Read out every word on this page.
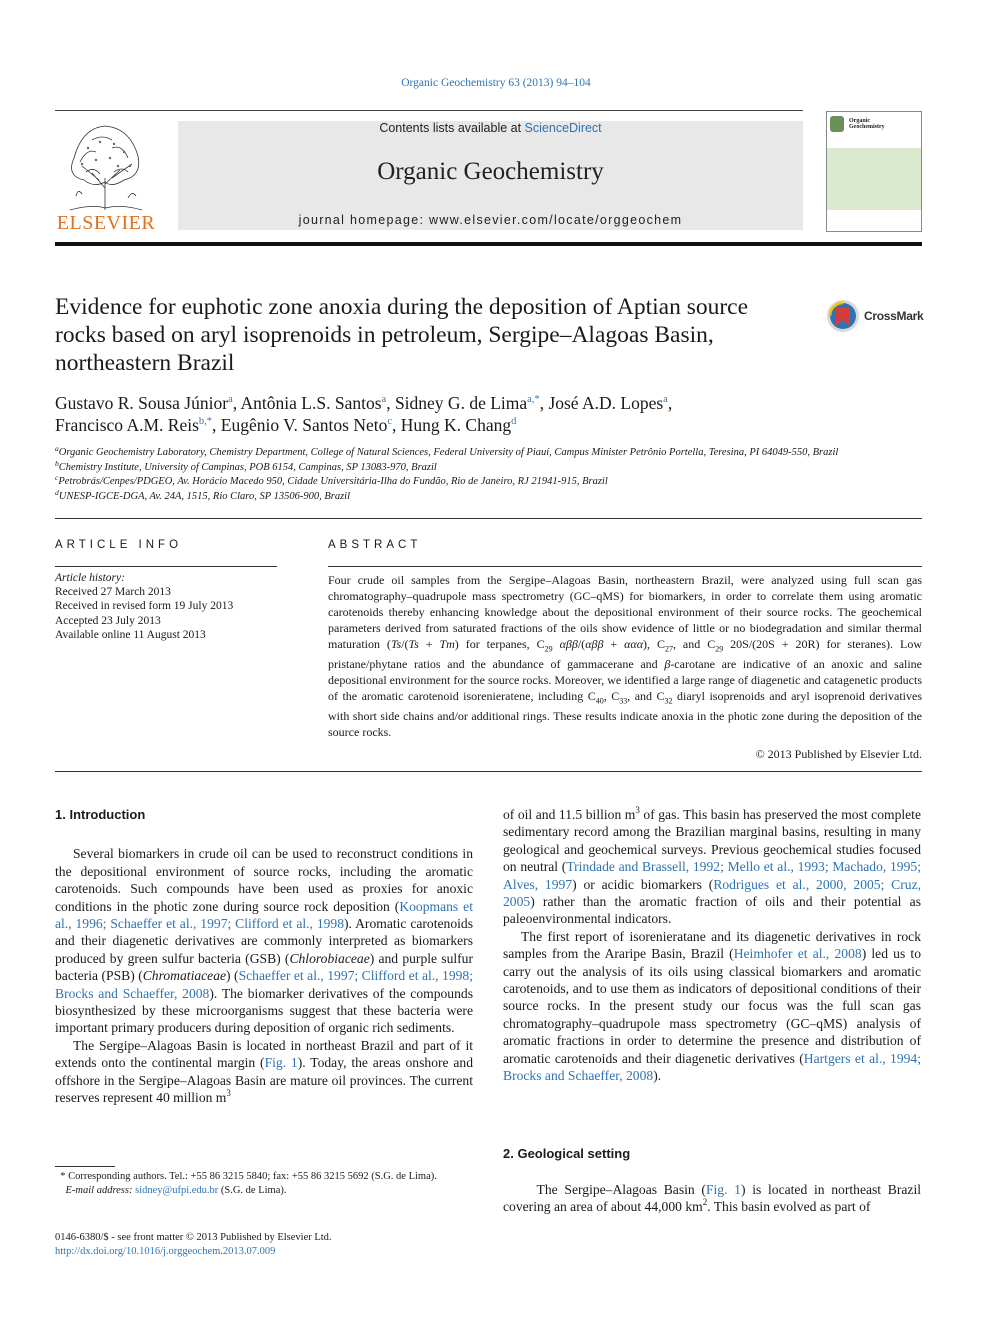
Organic Geochemistry 63 (2013) 94–104
ELSEVIER
Contents lists available at ScienceDirect
Organic Geochemistry
journal homepage: www.elsevier.com/locate/orggeochem
Organic
Geochemistry
Evidence for euphotic zone anoxia during the deposition of Aptian source rocks based on aryl isoprenoids in petroleum, Sergipe–Alagoas Basin, northeastern Brazil
CrossMark
Gustavo R. Sousa Júnior$^a$, Antônia L.S. Santos$^a$, Sidney G. de Lima$^{a,*}$, José A.D. Lopes$^a$,
Francisco A.M. Reis$^{b,*}$, Eugênio V. Santos Neto$^c$, Hung K. Chang$^d$
$^a$Organic Geochemistry Laboratory, Chemistry Department, College of Natural Sciences, Federal University of Piauí, Campus Minister Petrônio Portella, Teresina, PI 64049-550, Brazil
$^b$Chemistry Institute, University of Campinas, POB 6154, Campinas, SP 13083-970, Brazil
$^c$Petrobrás/Cenpes/PDGEO, Av. Horácio Macedo 950, Cidade Universitária-Ilha do Fundão, Rio de Janeiro, RJ 21941-915, Brazil
$^d$UNESP-IGCE-DGA, Av. 24A, 1515, Rio Claro, SP 13506-900, Brazil
ARTICLE INFO	ABSTRACT
Article history:
Received 27 March 2013
Received in revised form 19 July 2013
Accepted 23 July 2013
Available online 11 August 2013
Four crude oil samples from the Sergipe–Alagoas Basin, northeastern Brazil, were analyzed using full scan gas chromatography–quadrupole mass spectrometry (GC–qMS) for biomarkers, in order to correlate them using aromatic carotenoids thereby enhancing knowledge about the depositional environment of their source rocks. The geochemical parameters derived from saturated fractions of the oils show evidence of little or no biodegradation and similar thermal maturation (Ts/(Ts + Tm) for terpanes, $C_{29}$ αββ/(αββ + ααα), $C_{27}$, and $C_{29}$ 20S/(20S + 20R) for steranes). Low pristane/phytane ratios and the abundance of gammacerane and β-carotane are indicative of an anoxic and saline depositional environment for the source rocks. Moreover, we identified a large range of diagenetic and catagenetic products of the aromatic carotenoid isorenieratene, including $C_{40}$, $C_{33}$, and $C_{32}$ diaryl isoprenoids and aryl isoprenoid derivatives with short side chains and/or additional rings. These results indicate anoxia in the photic zone during the deposition of the source rocks.
© 2013 Published by Elsevier Ltd.
1. Introduction

Several biomarkers in crude oil can be used to reconstruct conditions in the depositional environment of source rocks, including the aromatic carotenoids. Such compounds have been used as proxies for anoxic conditions in the photic zone during source rock deposition (Koopmans et al., 1996; Schaeffer et al., 1997; Clifford et al., 1998). Aromatic carotenoids and their diagenetic derivatives are commonly interpreted as biomarkers produced by green sulfur bacteria (GSB) (Chlorobiaceae) and purple sulfur bacteria (PSB) (Chromatiaceae) (Schaeffer et al., 1997; Clifford et al., 1998; Brocks and Schaeffer, 2008). The biomarker derivatives of the compounds biosynthesized by these microorganisms suggest that these bacteria were important primary producers during deposition of organic rich sediments.

The Sergipe–Alagoas Basin is located in northeast Brazil and part of it extends onto the continental margin (Fig. 1). Today, the areas onshore and offshore in the Sergipe–Alagoas Basin are mature oil provinces. The current reserves represent 40 million $m^3$

* Corresponding authors. Tel.: +55 86 3215 5840; fax: +55 86 3215 5692 (S.G. de Lima).
E-mail address: sidney@ufpi.edu.br (S.G. de Lima).
0146-6380/$ - see front matter © 2013 Published by Elsevier Ltd.
http://dx.doi.org/10.1016/j.orggeochem.2013.07.009

of oil and 11.5 billion $m^3$ of gas. This basin has preserved the most complete sedimentary record among the Brazilian marginal basins, resulting in many geological and geochemical surveys. Previous geochemical studies focused on neutral (Trindade and Brassell, 1992; Mello et al., 1993; Machado, 1995; Alves, 1997) or acidic biomarkers (Rodrigues et al., 2000, 2005; Cruz, 2005) rather than the aromatic fraction of oils and their potential as paleoenvironmental indicators.

The first report of isorenieratane and its diagenetic derivatives in rock samples from the Araripe Basin, Brazil (Heimhofer et al., 2008) led us to carry out the analysis of its oils using classical biomarkers and aromatic carotenoids, and to use them as indicators of depositional conditions of their source rocks. In the present study our focus was the full scan gas chromatography–quadrupole mass spectrometry (GC–qMS) analysis of aromatic fractions in order to determine the presence and distribution of aromatic carotenoids and their diagenetic derivatives (Hartgers et al., 1994; Brocks and Schaeffer, 2008).

2. Geological setting
The Sergipe–Alagoas Basin (Fig. 1) is located in northeast Brazil covering an area of about 44,000 $km^2$. This basin evolved as part of
